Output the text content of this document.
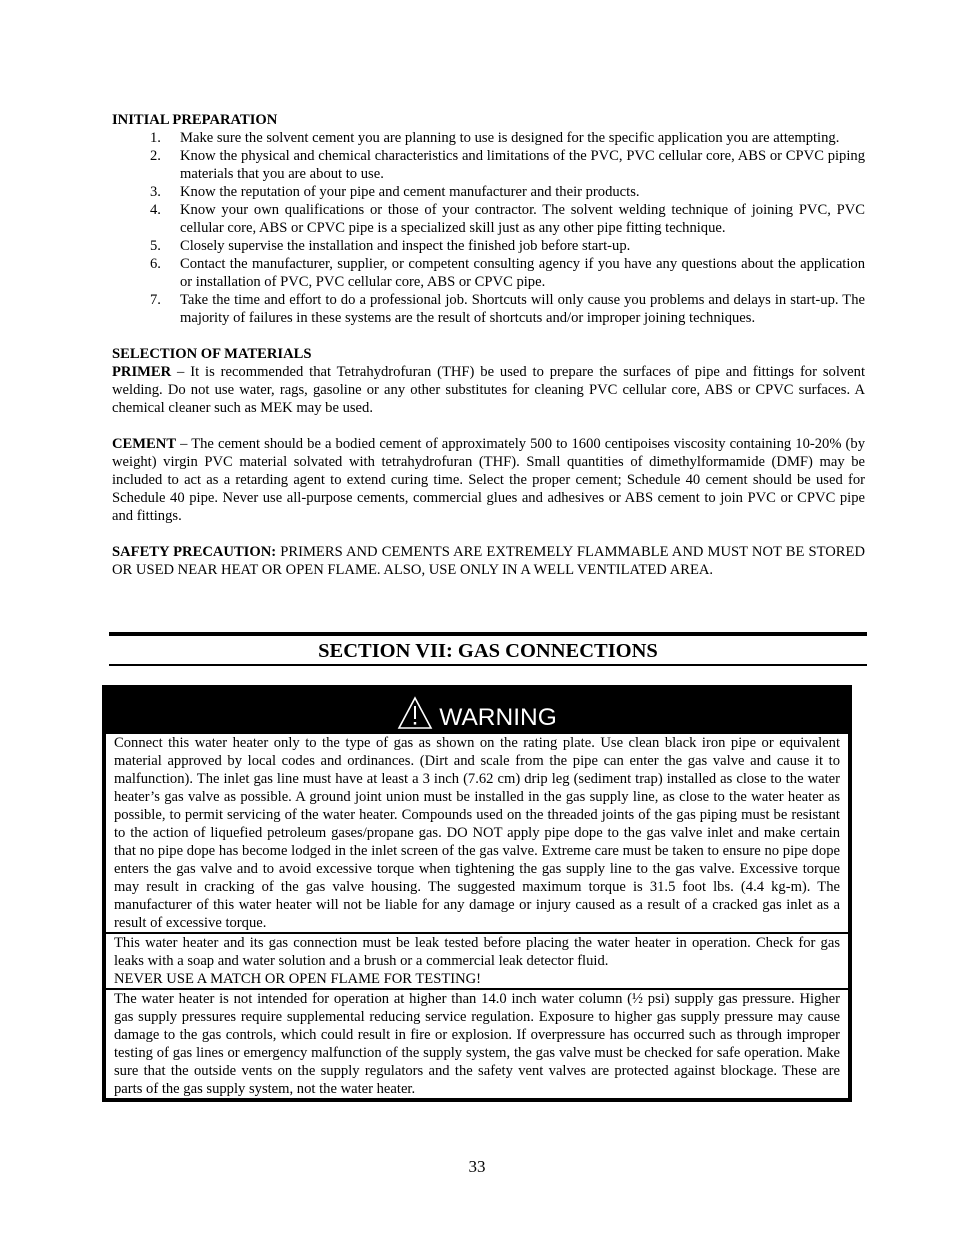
INITIAL PREPARATION
1.	Make sure the solvent cement you are planning to use is designed for the specific application you are attempting.
2.	Know the physical and chemical characteristics and limitations of the PVC, PVC cellular core, ABS or CPVC piping materials that you are about to use.
3.	Know the reputation of your pipe and cement manufacturer and their products.
4.	Know your own qualifications or those of your contractor. The solvent welding technique of joining PVC, PVC cellular core, ABS or CPVC pipe is a specialized skill just as any other pipe fitting technique.
5.	Closely supervise the installation and inspect the finished job before start-up.
6.	Contact the manufacturer, supplier, or competent consulting agency if you have any questions about the application or installation of PVC, PVC cellular core, ABS or CPVC pipe.
7.	Take the time and effort to do a professional job. Shortcuts will only cause you problems and delays in start-up. The majority of failures in these systems are the result of shortcuts and/or improper joining techniques.
SELECTION OF MATERIALS

PRIMER – It is recommended that Tetrahydrofuran (THF) be used to prepare the surfaces of pipe and fittings for solvent welding. Do not use water, rags, gasoline or any other substitutes for cleaning PVC cellular core, ABS or CPVC surfaces. A chemical cleaner such as MEK may be used.

CEMENT – The cement should be a bodied cement of approximately 500 to 1600 centipoises viscosity containing 10-20% (by weight) virgin PVC material solvated with tetrahydrofuran (THF). Small quantities of dimethylformamide (DMF) may be included to act as a retarding agent to extend curing time. Select the proper cement; Schedule 40 cement should be used for Schedule 40 pipe. Never use all-purpose cements, commercial glues and adhesives or ABS cement to join PVC or CPVC pipe and fittings.

SAFETY PRECAUTION: PRIMERS AND CEMENTS ARE EXTREMELY FLAMMABLE AND MUST NOT BE STORED OR USED NEAR HEAT OR OPEN FLAME. ALSO, USE ONLY IN A WELL VENTILATED AREA.

SECTION VII: GAS CONNECTIONS
WARNING

Connect this water heater only to the type of gas as shown on the rating plate. Use clean black iron pipe or equivalent material approved by local codes and ordinances. (Dirt and scale from the pipe can enter the gas valve and cause it to malfunction). The inlet gas line must have at least a 3 inch (7.62 cm) drip leg (sediment trap) installed as close to the water heater’s gas valve as possible. A ground joint union must be installed in the gas supply line, as close to the water heater as possible, to permit servicing of the water heater. Compounds used on the threaded joints of the gas piping must be resistant to the action of liquefied petroleum gases/propane gas. DO NOT apply pipe dope to the gas valve inlet and make certain that no pipe dope has become lodged in the inlet screen of the gas valve. Extreme care must be taken to ensure no pipe dope enters the gas valve and to avoid excessive torque when tightening the gas supply line to the gas valve. Excessive torque may result in cracking of the gas valve housing. The suggested maximum torque is 31.5 foot lbs. (4.4 kg-m). The manufacturer of this water heater will not be liable for any damage or injury caused as a result of a cracked gas inlet as a result of excessive torque.

This water heater and its gas connection must be leak tested before placing the water heater in operation. Check for gas leaks with a soap and water solution and a brush or a commercial leak detector fluid.

NEVER USE A MATCH OR OPEN FLAME FOR TESTING!

The water heater is not intended for operation at higher than 14.0 inch water column (½ psi) supply gas pressure. Higher gas supply pressures require supplemental reducing service regulation. Exposure to higher gas supply pressure may cause damage to the gas controls, which could result in fire or explosion. If overpressure has occurred such as through improper testing of gas lines or emergency malfunction of the supply system, the gas valve must be checked for safe operation. Make sure that the outside vents on the supply regulators and the safety vent valves are protected against blockage. These are parts of the gas supply system, not the water heater.

33
